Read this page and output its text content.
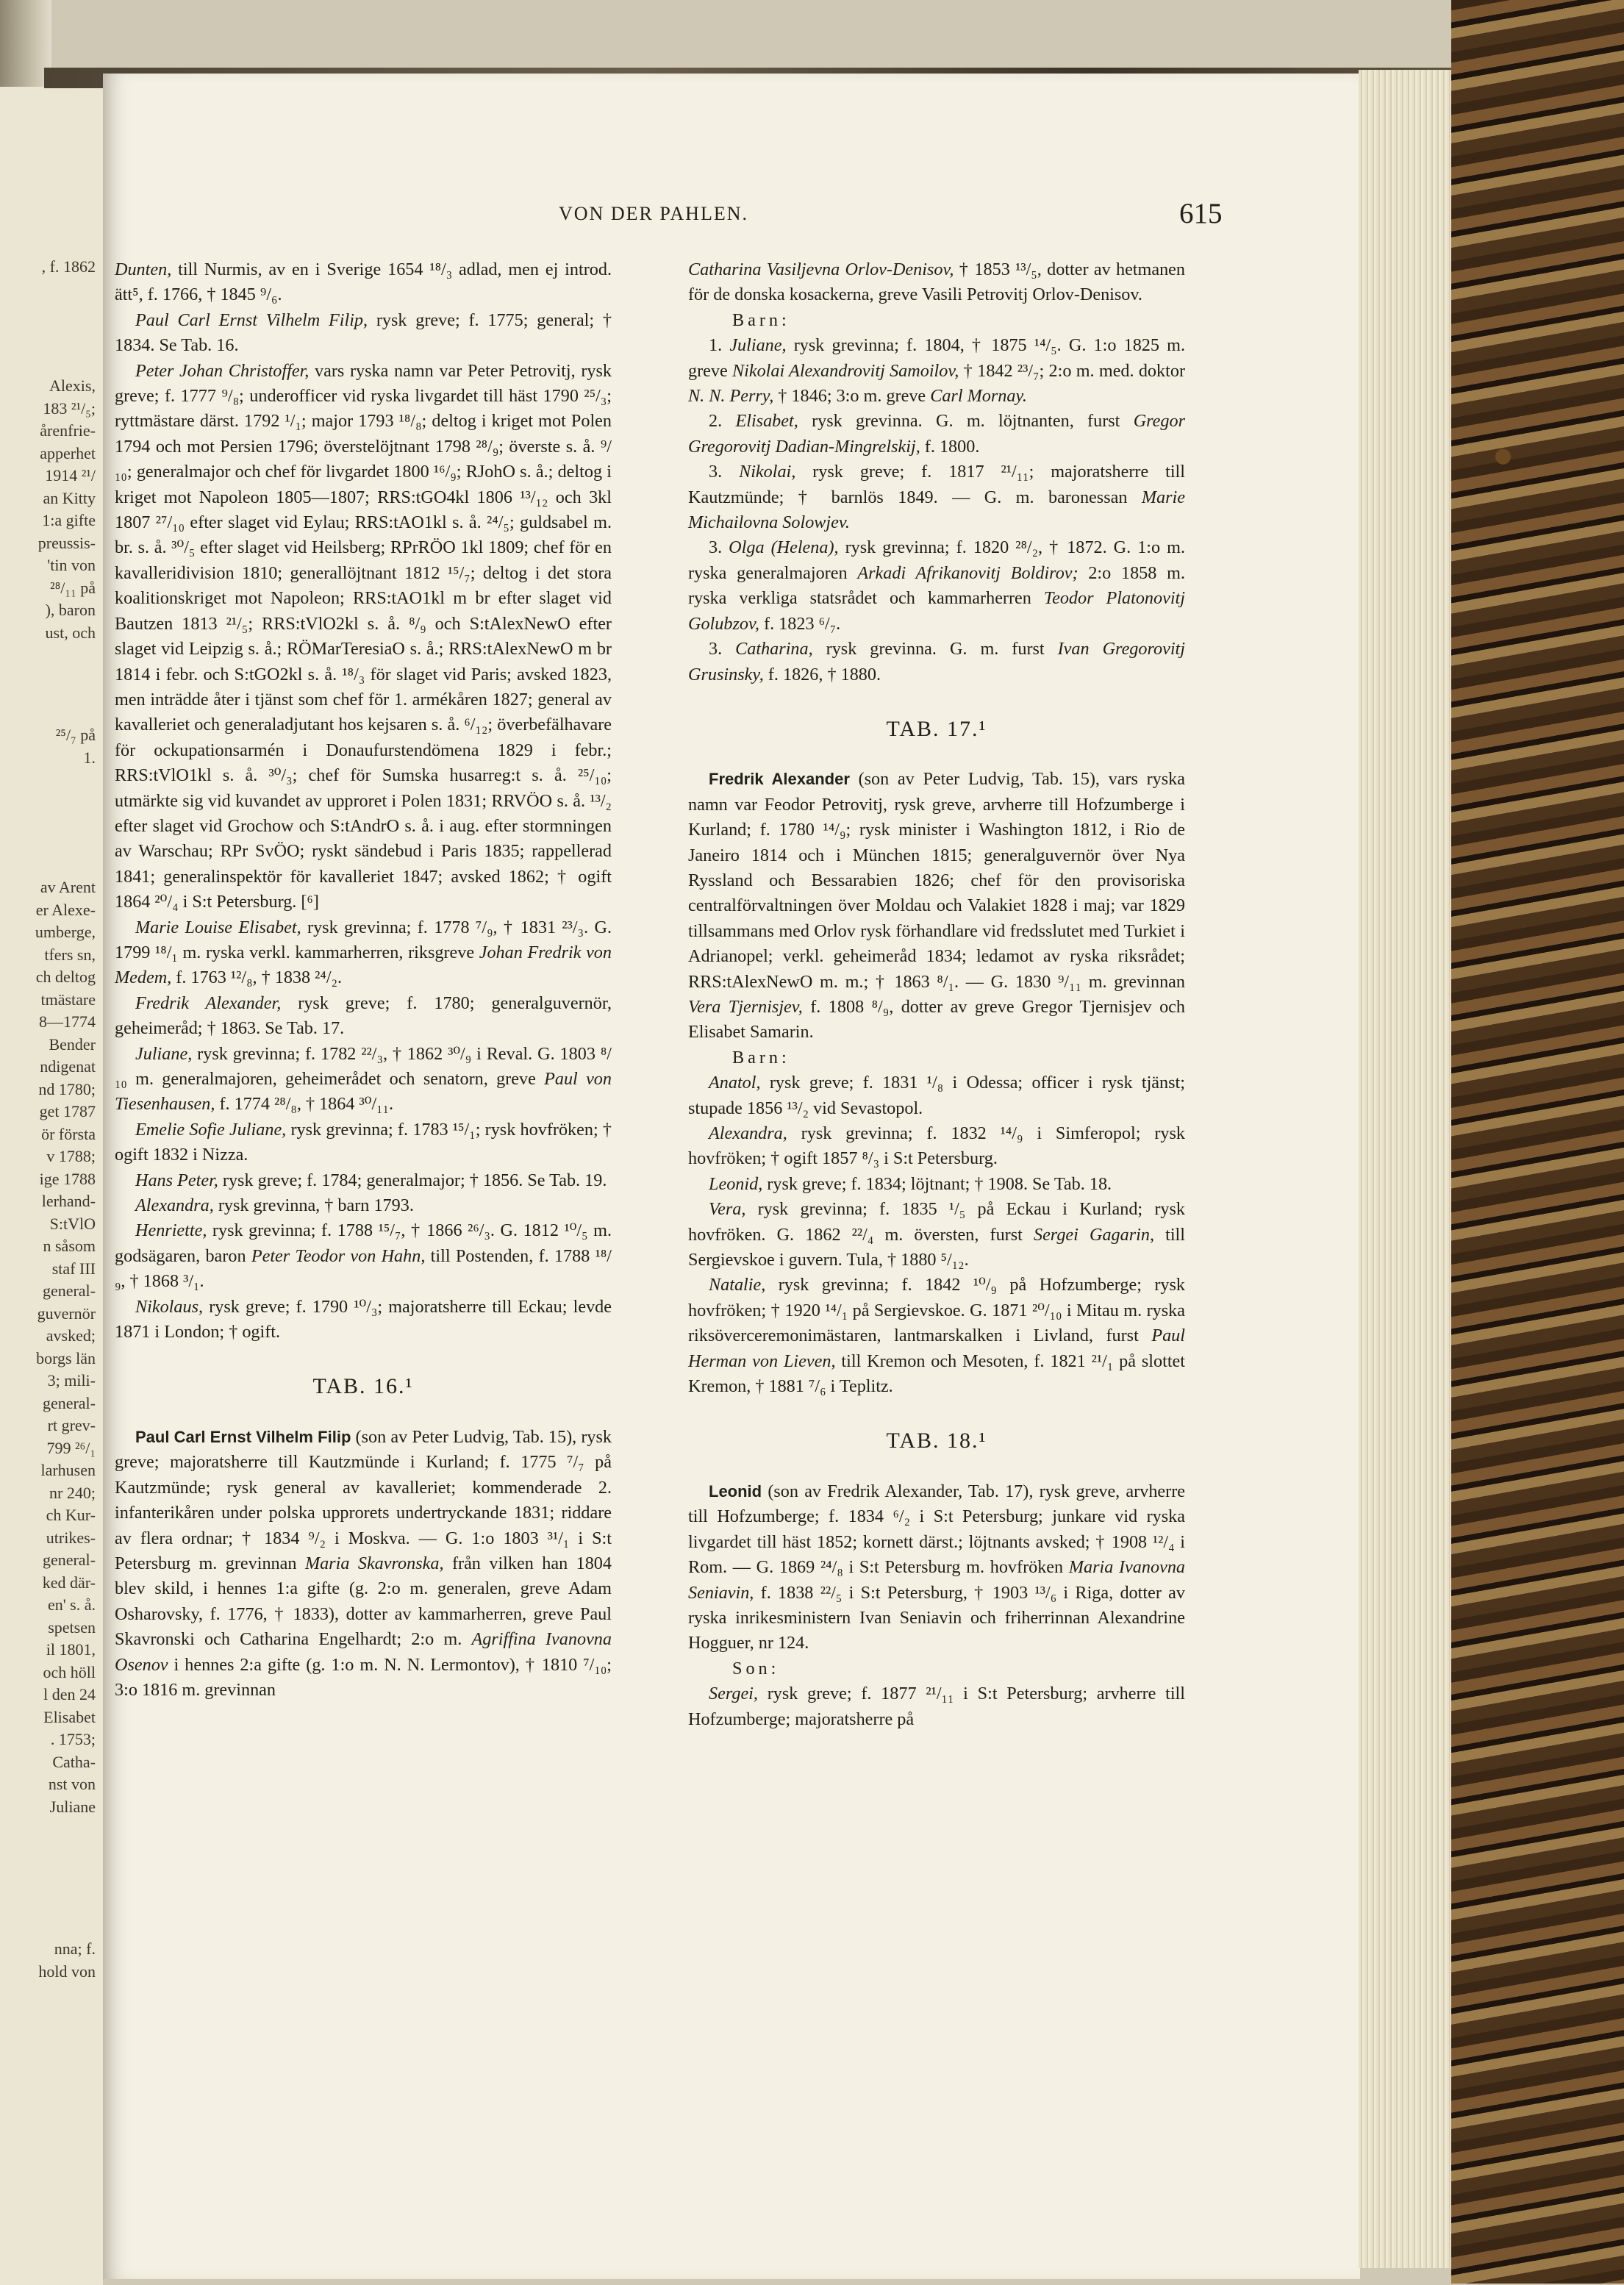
, f. 1862
Alexis,
183 ²¹/₅;
årenfrie-
apperhet
1914 ²¹/
an Kitty
1:a gifte
preussis-
'tin von
²⁸/₁₁ på
), baron
ust, och
²⁵/₇ på
1.
av Arent
er Alexe-
umberge,
tfers sn,
ch deltog
tmästare
8—1774
Bender
ndigenat
nd 1780;
get 1787
ör första
v 1788;
ige 1788
lerhand-
S:tVlO
n såsom
staf III
general-
guvernör
avsked;
borgs län
3; mili-
general-
rt grev-
799 ²⁶/₁
larhusen
nr 240;
ch Kur-
utrikes-
general-
ked där-
en' s. å.
spetsen
il 1801,
och höll
l den 24
Elisabet
. 1753;
Catha-
nst von
Juliane
nna; f.
hold von
VON DER PAHLEN.	615

Dunten, till Nurmis, av en i Sverige 1654 ¹⁸/₃ adlad, men ej introd. ätt⁵, f. 1766, † 1845 ⁹/₆.

Paul Carl Ernst Vilhelm Filip, rysk greve; f. 1775; general; † 1834. Se Tab. 16.

Peter Johan Christoffer, vars ryska namn var Peter Petrovitj, rysk greve; f. 1777 ⁹/₈; underofficer vid ryska livgardet till häst 1790 ²⁵/₃; ryttmästare därst. 1792 ¹/₁; major 1793 ¹⁸/₈; deltog i kriget mot Polen 1794 och mot Persien 1796; överstelöjtnant 1798 ²⁸/₉; överste s. å. ⁹/₁₀; generalmajor och chef för livgardet 1800 ¹⁶/₉; RJohO s. å.; deltog i kriget mot Napoleon 1805—1807; RRS:tGO4kl 1806 ¹³/₁₂ och 3kl 1807 ²⁷/₁₀ efter slaget vid Eylau; RRS:tAO1kl s. å. ²⁴/₅; guldsabel m. br. s. å. ³⁰/₅ efter slaget vid Heilsberg; RPrRÖO 1kl 1809; chef för en kavalleridivision 1810; generallöjtnant 1812 ¹⁵/₇; deltog i det stora koalitionskriget mot Napoleon; RRS:tAO1kl m br efter slaget vid Bautzen 1813 ²¹/₅; RRS:tVlO2kl s. å. ⁸/₉ och S:tAlexNewO efter slaget vid Leipzig s. å.; RÖMarTeresiaO s. å.; RRS:tAlexNewO m br 1814 i febr. och S:tGO2kl s. å. ¹⁸/₃ för slaget vid Paris; avsked 1823, men inträdde åter i tjänst som chef för 1. armékåren 1827; general av kavalleriet och generaladjutant hos kejsaren s. å. ⁶/₁₂; överbefälhavare för ockupationsarmén i Donaufurstendömena 1829 i febr.; RRS:tVlO1kl s. å. ³⁰/₃; chef för Sumska husarreg:t s. å. ²⁵/₁₀; utmärkte sig vid kuvandet av upproret i Polen 1831; RRVÖO s. å. ¹³/₂ efter slaget vid Grochow och S:tAndrO s. å. i aug. efter stormningen av Warschau; RPr SvÖO; ryskt sändebud i Paris 1835; rappellerad 1841; generalinspektör för kavalleriet 1847; avsked 1862; † ogift 1864 ²⁰/₄ i S:t Petersburg. [⁶]

Marie Louise Elisabet, rysk grevinna; f. 1778 ⁷/₉, † 1831 ²³/₃. G. 1799 ¹⁸/₁ m. ryska verkl. kammarherren, riksgreve Johan Fredrik von Medem, f. 1763 ¹²/₈, † 1838 ²⁴/₂.

Fredrik Alexander, rysk greve; f. 1780; generalguvernör, geheimeråd; † 1863. Se Tab. 17.

Juliane, rysk grevinna; f. 1782 ²²/₃, † 1862 ³⁰/₉ i Reval. G. 1803 ⁸/₁₀ m. generalmajoren, geheimerådet och senatorn, greve Paul von Tiesenhausen, f. 1774 ²⁸/₈, † 1864 ³⁰/₁₁.

Emelie Sofie Juliane, rysk grevinna; f. 1783 ¹⁵/₁; rysk hovfröken; † ogift 1832 i Nizza.

Hans Peter, rysk greve; f. 1784; generalmajor; † 1856. Se Tab. 19.

Alexandra, rysk grevinna, † barn 1793.

Henriette, rysk grevinna; f. 1788 ¹⁵/₇, † 1866 ²⁶/₃. G. 1812 ¹⁰/₅ m. godsägaren, baron Peter Teodor von Hahn, till Postenden, f. 1788 ¹⁸/₉, † 1868 ³/₁.

Nikolaus, rysk greve; f. 1790 ¹⁰/₃; majoratsherre till Eckau; levde 1871 i London; † ogift.

TAB. 16.¹

Paul Carl Ernst Vilhelm Filip (son av Peter Ludvig, Tab. 15), rysk greve; majoratsherre till Kautzmünde i Kurland; f. 1775 ⁷/₇ på Kautzmünde; rysk general av kavalleriet; kommenderade 2. infanterikåren under polska upprorets undertryckande 1831; riddare av flera ordnar; † 1834 ⁹/₂ i Moskva. — G. 1:o 1803 ³¹/₁ i S:t Petersburg m. grevinnan Maria Skavronska, från vilken han 1804 blev skild, i hennes 1:a gifte (g. 2:o m. generalen, greve Adam Osharovsky, f. 1776, † 1833), dotter av kammarherren, greve Paul Skavronski och Catharina Engelhardt; 2:o m. Agriffina Ivanovna Osenov i hennes 2:a gifte (g. 1:o m. N. N. Lermontov), † 1810 ⁷/₁₀; 3:o 1816 m. grevinnan

Catharina Vasiljevna Orlov-Denisov, † 1853 ¹³/₅, dotter av hetmanen för de donska kosackerna, greve Vasili Petrovitj Orlov-Denisov.

Barn:

1. Juliane, rysk grevinna; f. 1804, † 1875 ¹⁴/₅. G. 1:o 1825 m. greve Nikolai Alexandrovitj Samoilov, † 1842 ²³/₇; 2:o m. med. doktor N. N. Perry, † 1846; 3:o m. greve Carl Mornay.

2. Elisabet, rysk grevinna. G. m. löjtnanten, furst Gregor Gregorovitj Dadian-Mingrelskij, f. 1800.

3. Nikolai, rysk greve; f. 1817 ²¹/₁₁; majoratsherre till Kautzmünde; † barnlös 1849. — G. m. baronessan Marie Michailovna Solowjev.

3. Olga (Helena), rysk grevinna; f. 1820 ²⁸/₂, † 1872. G. 1:o m. ryska generalmajoren Arkadi Afrikanovitj Boldirov; 2:o 1858 m. ryska verkliga statsrådet och kammarherren Teodor Platonovitj Golubzov, f. 1823 ⁶/₇.

3. Catharina, rysk grevinna. G. m. furst Ivan Gregorovitj Grusinsky, f. 1826, † 1880.

TAB. 17.¹

Fredrik Alexander (son av Peter Ludvig, Tab. 15), vars ryska namn var Feodor Petrovitj, rysk greve, arvherre till Hofzumberge i Kurland; f. 1780 ¹⁴/₉; rysk minister i Washington 1812, i Rio de Janeiro 1814 och i München 1815; generalguvernör över Nya Ryssland och Bessarabien 1826; chef för den provisoriska centralförvaltningen över Moldau och Valakiet 1828 i maj; var 1829 tillsammans med Orlov rysk förhandlare vid fredsslutet med Turkiet i Adrianopel; verkl. geheimeråd 1834; ledamot av ryska riksrådet; RRS:tAlexNewO m. m.; † 1863 ⁸/₁. — G. 1830 ⁹/₁₁ m. grevinnan Vera Tjernisjev, f. 1808 ⁸/₉, dotter av greve Gregor Tjernisjev och Elisabet Samarin.

Barn:

Anatol, rysk greve; f. 1831 ¹/₈ i Odessa; officer i rysk tjänst; stupade 1856 ¹³/₂ vid Sevastopol.

Alexandra, rysk grevinna; f. 1832 ¹⁴/₉ i Simferopol; rysk hovfröken; † ogift 1857 ⁸/₃ i S:t Petersburg.

Leonid, rysk greve; f. 1834; löjtnant; † 1908. Se Tab. 18.

Vera, rysk grevinna; f. 1835 ¹/₅ på Eckau i Kurland; rysk hovfröken. G. 1862 ²²/₄ m. översten, furst Sergei Gagarin, till Sergievskoe i guvern. Tula, † 1880 ⁵/₁₂.

Natalie, rysk grevinna; f. 1842 ¹⁰/₉ på Hofzumberge; rysk hovfröken; † 1920 ¹⁴/₁ på Sergievskoe. G. 1871 ²⁰/₁₀ i Mitau m. ryska riksöverceremonimästaren, lantmarskalken i Livland, furst Paul Herman von Lieven, till Kremon och Mesoten, f. 1821 ²¹/₁ på slottet Kremon, † 1881 ⁷/₆ i Teplitz.

TAB. 18.¹

Leonid (son av Fredrik Alexander, Tab. 17), rysk greve, arvherre till Hofzumberge; f. 1834 ⁶/₂ i S:t Petersburg; junkare vid ryska livgardet till häst 1852; kornett därst.; löjtnants avsked; † 1908 ¹²/₄ i Rom. — G. 1869 ²⁴/₈ i S:t Petersburg m. hovfröken Maria Ivanovna Seniavin, f. 1838 ²²/₅ i S:t Petersburg, † 1903 ¹³/₆ i Riga, dotter av ryska inrikesministern Ivan Seniavin och friherrinnan Alexandrine Hogguer, nr 124.

Son:

Sergei, rysk greve; f. 1877 ²¹/₁₁ i S:t Petersburg; arvherre till Hofzumberge; majoratsherre på
